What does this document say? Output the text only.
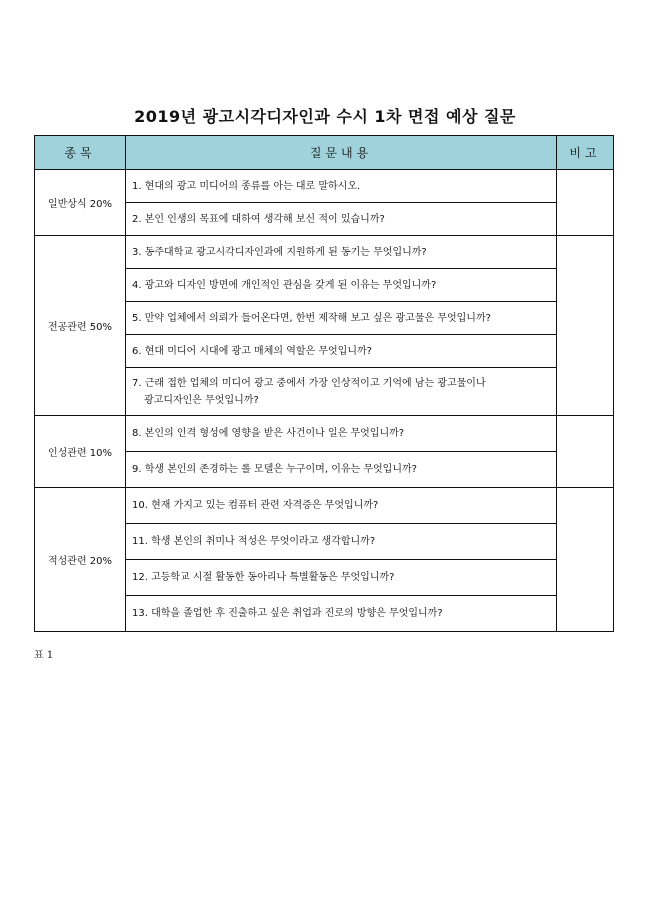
2019년 광고시각디자인과 수시 1차 면접 예상 질문
종목	질문내용	비고
일반상식 20%	1. 현대의 광고 미디어의 종류를 아는 대로 말하시오.	
	2. 본인 인생의 목표에 대하여 생각해 보신 적이 있습니까?	
전공관련 50%	3. 동주대학교 광고시각디자인과에 지원하게 된 동기는 무엇입니까?	
	4. 광고와 디자인 방면에 개인적인 관심을 갖게 된 이유는 무엇입니까?	
	5. 만약 업체에서 의뢰가 들어온다면, 한번 제작해 보고 싶은 광고물은 무엇입니까?	
	6. 현대 미디어 시대에 광고 매체의 역할은 무엇입니까?	
	7. 근래 접한 업체의 미디어 광고 중에서 가장 인상적이고 기억에 남는 광고물이나
광고디자인은 무엇입니까?	

인성관련 10%	8. 본인의 인격 형성에 영향을 받은 사건이나 일은 무엇입니까?	
	9. 학생 본인의 존경하는 롤 모델은 누구이며, 이유는 무엇입니까?	
적성관련 20%	10. 현재 가지고 있는 컴퓨터 관련 자격증은 무엇입니까?	
	11. 학생 본인의 취미나 적성은 무엇이라고 생각합니까?	
	12. 고등학교 시절 활동한 동아리나 특별활동은 무엇입니까?	
	13. 대학을 졸업한 후 진출하고 싶은 취업과 진로의 방향은 무엇입니까?	
표 1
